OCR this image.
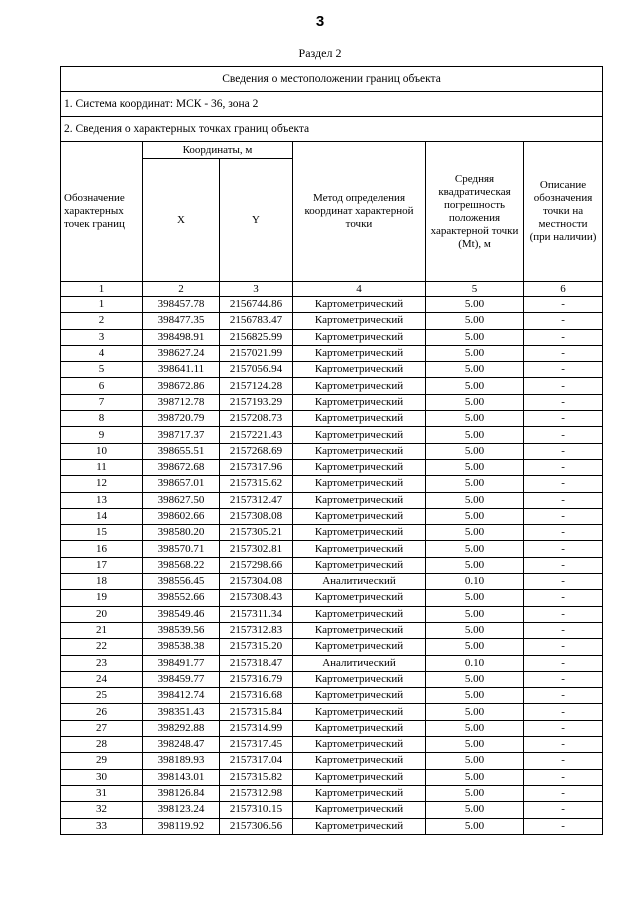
3
Раздел 2
Сведения о местоположении границ объекта					
1. Система координат: МСК - 36, зона 2					
2. Сведения о характерных точках границ объекта					
Обозначение характерных точек границ	Координаты, м		Метод определения координат характерной точки	Средняя квадратическая погрешность положения характерной точки (Mt), м	Описание обозначения точки на местности (при наличии)
	X	Y			
1	2	3	4	5	6
1	398457.78	2156744.86	Картометрический	5.00	-
2	398477.35	2156783.47	Картометрический	5.00	-
3	398498.91	2156825.99	Картометрический	5.00	-
4	398627.24	2157021.99	Картометрический	5.00	-
5	398641.11	2157056.94	Картометрический	5.00	-
6	398672.86	2157124.28	Картометрический	5.00	-
7	398712.78	2157193.29	Картометрический	5.00	-
8	398720.79	2157208.73	Картометрический	5.00	-
9	398717.37	2157221.43	Картометрический	5.00	-
10	398655.51	2157268.69	Картометрический	5.00	-
11	398672.68	2157317.96	Картометрический	5.00	-
12	398657.01	2157315.62	Картометрический	5.00	-
13	398627.50	2157312.47	Картометрический	5.00	-
14	398602.66	2157308.08	Картометрический	5.00	-
15	398580.20	2157305.21	Картометрический	5.00	-
16	398570.71	2157302.81	Картометрический	5.00	-
17	398568.22	2157298.66	Картометрический	5.00	-
18	398556.45	2157304.08	Аналитический	0.10	-
19	398552.66	2157308.43	Картометрический	5.00	-
20	398549.46	2157311.34	Картометрический	5.00	-
21	398539.56	2157312.83	Картометрический	5.00	-
22	398538.38	2157315.20	Картометрический	5.00	-
23	398491.77	2157318.47	Аналитический	0.10	-
24	398459.77	2157316.79	Картометрический	5.00	-
25	398412.74	2157316.68	Картометрический	5.00	-
26	398351.43	2157315.84	Картометрический	5.00	-
27	398292.88	2157314.99	Картометрический	5.00	-
28	398248.47	2157317.45	Картометрический	5.00	-
29	398189.93	2157317.04	Картометрический	5.00	-
30	398143.01	2157315.82	Картометрический	5.00	-
31	398126.84	2157312.98	Картометрический	5.00	-
32	398123.24	2157310.15	Картометрический	5.00	-
33	398119.92	2157306.56	Картометрический	5.00	-
